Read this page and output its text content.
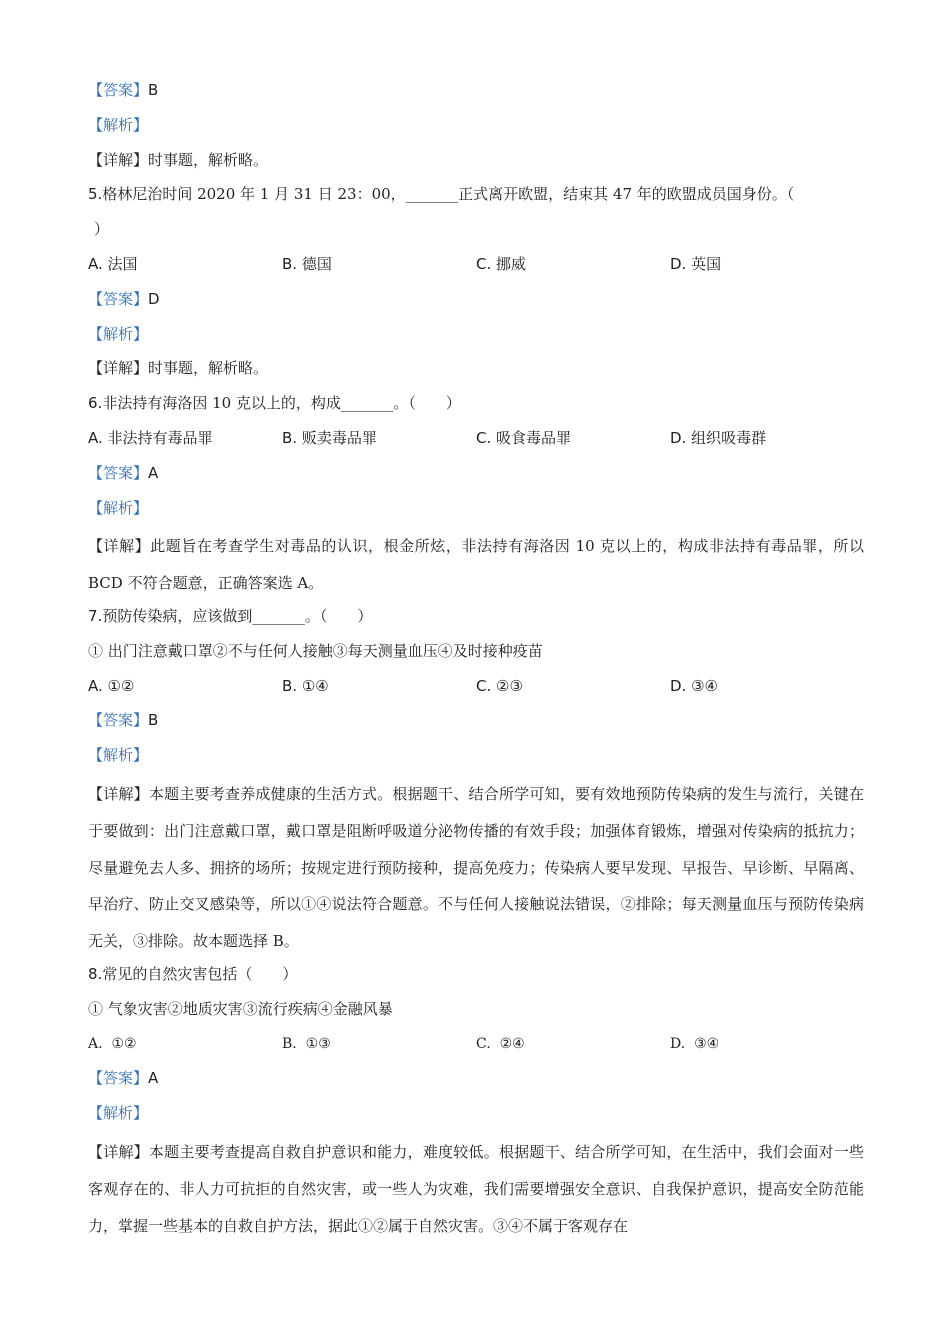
【答案】B
【解析】
【详解】时事题，解析略。
5.格林尼治时间 2020 年 1 月 31 日 23：00，_______正式离开欧盟，结束其 47 年的欧盟成员国身份。（
）
A. 法国	B. 德国	C. 挪威	D. 英国
【答案】D
【解析】
【详解】时事题，解析略。
6.非法持有海洛因 10 克以上的，构成_______。（　　）
A. 非法持有毒品罪	B. 贩卖毒品罪	C. 吸食毒品罪	D. 组织吸毒群
【答案】A
【解析】
【详解】此题旨在考查学生对毒品的认识，根金所炫，非法持有海洛因 10 克以上的，构成非法持有毒品罪，所以 BCD 不符合题意，正确答案选 A。
7.预防传染病，应该做到_______。（　　）
① 出门注意戴口罩②不与任何人接触③每天测量血压④及时接种疫苗
A. ①②	B. ①④	C. ②③	D. ③④
【答案】B
【解析】
【详解】本题主要考查养成健康的生活方式。根据题干、结合所学可知，要有效地预防传染病的发生与流行，关键在于要做到：出门注意戴口罩，戴口罩是阻断呼吸道分泌物传播的有效手段；加强体育锻炼，增强对传染病的抵抗力；尽量避免去人多、拥挤的场所；按规定进行预防接种，提高免疫力；传染病人要早发现、早报告、早诊断、早隔离、早治疗、防止交叉感染等，所以①④说法符合题意。不与任何人接触说法错误，②排除；每天测量血压与预防传染病无关，③排除。故本题选择 B。
8.常见的自然灾害包括（　　）
① 气象灾害②地质灾害③流行疾病④金融风暴
A. ①②	B. ①③	C. ②④	D. ③④
【答案】A
【解析】
【详解】本题主要考查提高自救自护意识和能力，难度较低。根据题干、结合所学可知，在生活中，我们会面对一些客观存在的、非人力可抗拒的自然灾害，或一些人为灾难，我们需要增强安全意识、自我保护意识，提高安全防范能力，掌握一些基本的自救自护方法，据此①②属于自然灾害。③④不属于客观存在
